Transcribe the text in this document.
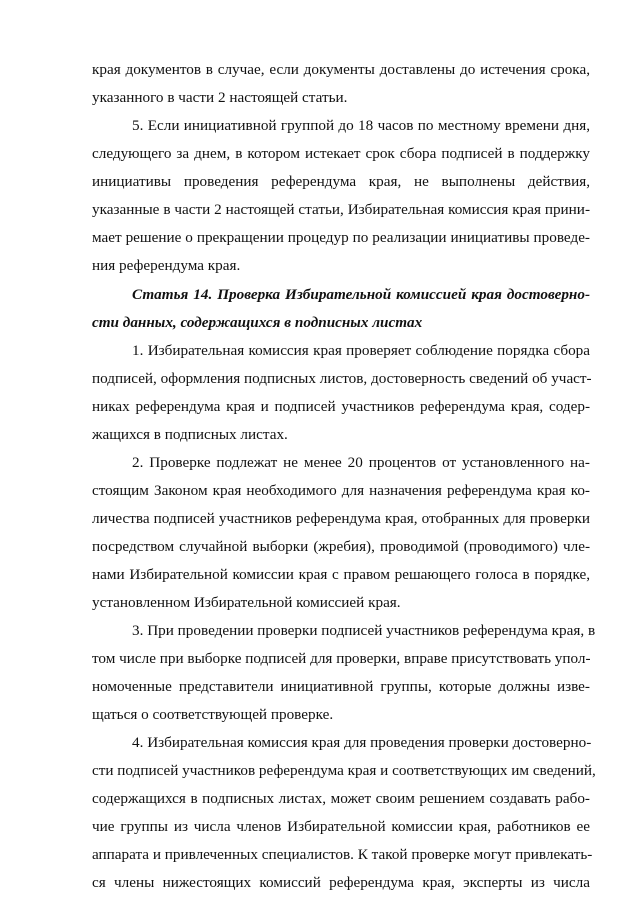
края документов в случае, если документы доставлены до истечения срока,
указанного в части 2 настоящей статьи.
5. Если инициативной группой до 18 часов по местному времени дня,
следующего за днем, в котором истекает срок сбора подписей в поддержку
инициативы проведения референдума края, не выполнены действия,
указанные в части 2 настоящей статьи, Избирательная комиссия края прини-
мает решение о прекращении процедур по реализации инициативы проведе-
ния референдума края.
Статья 14. Проверка Избирательной комиссией края достоверно-
сти данных, содержащихся в подписных листах
1. Избирательная комиссия края проверяет соблюдение порядка сбора
подписей, оформления подписных листов, достоверность сведений об участ-
никах референдума края и подписей участников референдума края, содер-
жащихся в подписных листах.
2. Проверке подлежат не менее 20 процентов от установленного на-
стоящим Законом края необходимого для назначения референдума края ко-
личества подписей участников референдума края, отобранных для проверки
посредством случайной выборки (жребия), проводимой (проводимого) чле-
нами Избирательной комиссии края с правом решающего голоса в порядке,
установленном Избирательной комиссией края.
3. При проведении проверки подписей участников референдума края, в
том числе при выборке подписей для проверки, вправе присутствовать упол-
номоченные представители инициативной группы, которые должны изве-
щаться о соответствующей проверке.
4. Избирательная комиссия края для проведения проверки достоверно-
сти подписей участников референдума края и соответствующих им сведений,
содержащихся в подписных листах, может своим решением создавать рабо-
чие группы из числа членов Избирательной комиссии края, работников ее
аппарата и привлеченных специалистов. К такой проверке могут привлекать-
ся члены нижестоящих комиссий референдума края, эксперты из числа
